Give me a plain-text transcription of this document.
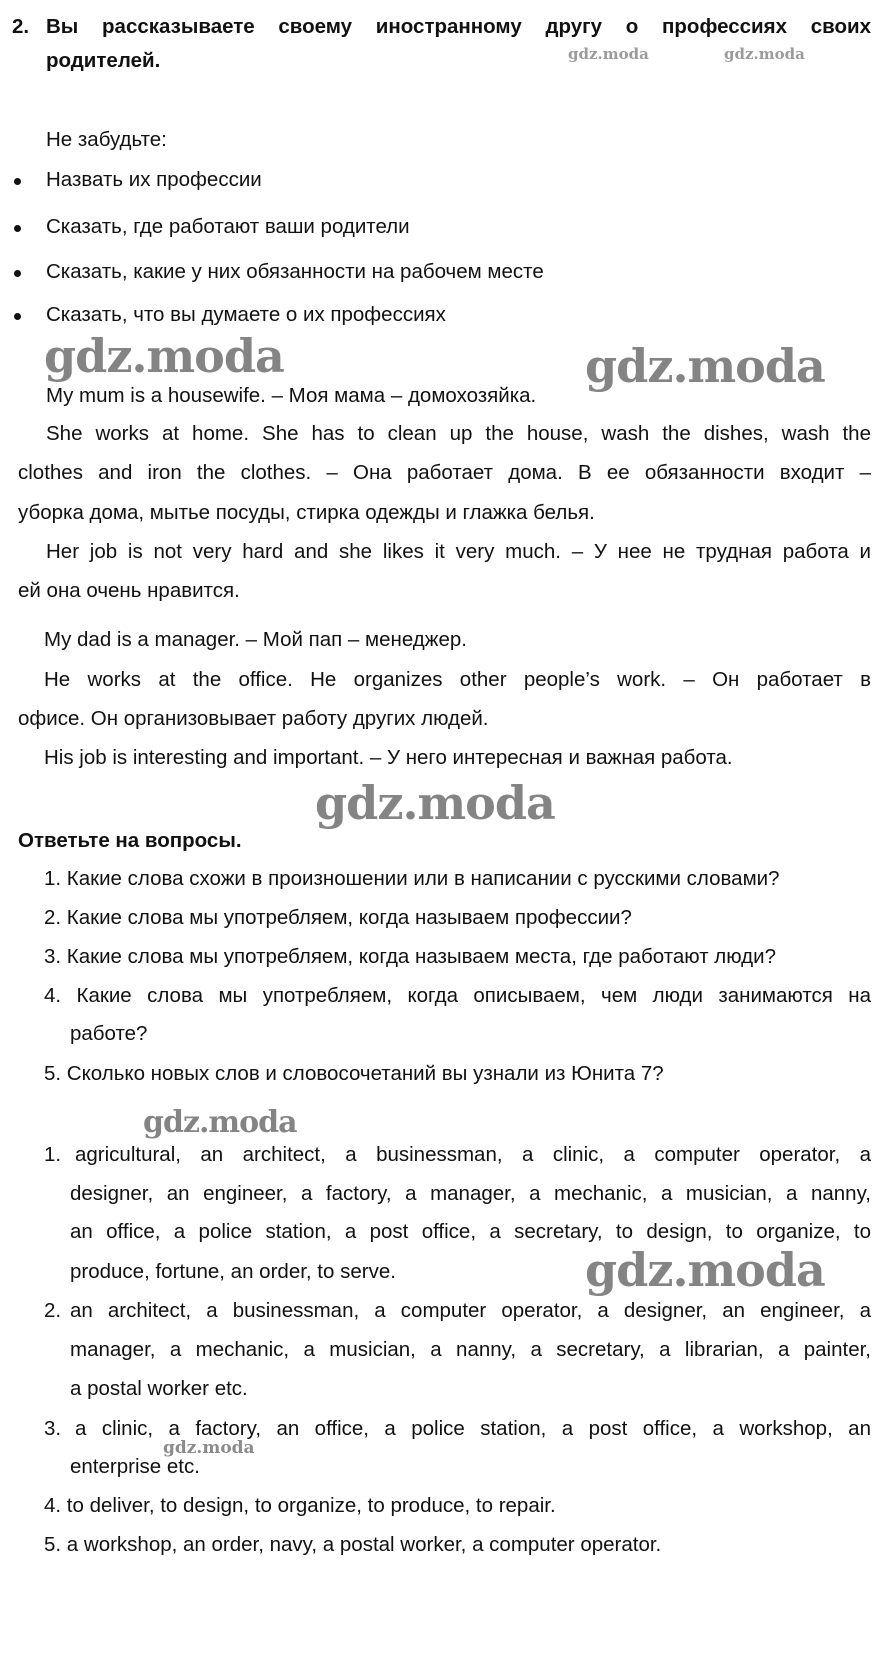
2. Вы рассказываете своему иностранному другу о профессиях своих
родителей.
Не забудьте:
Назвать их профессии
Сказать, где работают ваши родители
Сказать, какие у них обязанности на рабочем месте
Сказать, что вы думаете о их профессиях
My mum is a housewife. – Моя мама – домохозяйка.
She works at home. She has to clean up the house, wash the dishes, wash the
clothes and iron the clothes. – Она работает дома. В ее обязанности входит –
уборка дома, мытье посуды, стирка одежды и глажка белья.
Her job is not very hard and she likes it very much. – У нее не трудная работа и
ей она очень нравится.
My dad is a manager. – Мой пап – менеджер.
He works at the office. He organizes other people’s work. – Он работает в
офисе. Он организовывает работу других людей.
His job is interesting and important. – У него интересная и важная работа.
Ответьте на вопросы.
1. Какие слова схожи в произношении или в написании с русскими словами?
2. Какие слова мы употребляем, когда называем профессии?
3. Какие слова мы употребляем, когда называем места, где работают люди?
4. Какие слова мы употребляем, когда описываем, чем люди занимаются на
работе?
5. Сколько новых слов и словосочетаний вы узнали из Юнита 7?
1. agricultural, an architect, a businessman, a clinic, a computer operator, a
designer, an engineer, a factory, a manager, a mechanic, a musician, a nanny,
an office, a police station, a post office, a secretary, to design, to organize, to
produce, fortune, an order, to serve.
2. an architect, a businessman, a computer operator, a designer, an engineer, a
manager, a mechanic, a musician, a nanny, a secretary, a librarian, a painter,
a postal worker etc.
3. a clinic, a factory, an office, a police station, a post office, a workshop, an
enterprise etc.
4. to deliver, to design, to organize, to produce, to repair.
5. a workshop, an order, navy, a postal worker, a computer operator.
gdz.moda	gdz.moda
gdz.moda	gdz.moda
gdz.moda
gdz.moda
gdz.moda
gdz.moda
